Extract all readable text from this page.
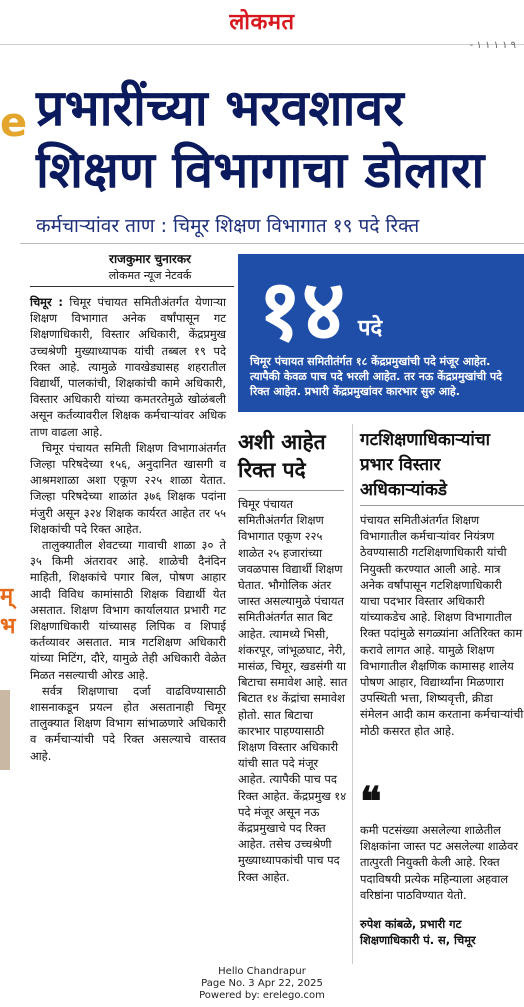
लोकमत
- ٩ ١ ١ ١ ١
e
म्
भ
प्रभारींच्या भरवशावर
शिक्षण विभागाचा डोलारा
कर्मचाऱ्यांवर ताण : चिमूर शिक्षण विभागात १९ पदे रिक्त
राजकुमार चुनारकर
लोकमत न्यूज नेटवर्क

चिमूर : चिमूर पंचायत समितीअंतर्गत येणाऱ्या शिक्षण विभागात अनेक वर्षांपासून गट शिक्षणाधिकारी, विस्तार अधिकारी, केंद्रप्रमुख उच्चश्रेणी मुख्याध्यापक यांची तब्बल १९ पदे रिक्त आहे. त्यामुळे गावखेड्यासह शहरातील विद्यार्थी, पालकांची, शिक्षकांची कामे अधिकारी, विस्तार अधिकारी यांच्या कमतरतेमुळे खोळंबली असून कर्तव्यावरील शिक्षक कर्मचाऱ्यांवर अधिक ताण वाढला आहे.

चिमूर पंचायत समिती शिक्षण विभागाअंतर्गत जिल्हा परिषदेच्या १५६, अनुदानित खासगी व आश्रमशाळा अशा एकूण २२५ शाळा येतात. जिल्हा परिषदेच्या शाळांत ३७६ शिक्षक पदांना मंजुरी असून ३२४ शिक्षक कार्यरत आहेत तर ५५ शिक्षकांची पदे रिक्त आहेत.

तालुक्यातील शेवटच्या गावाची शाळा ३० ते ३५ किमी अंतरावर आहे. शाळेची दैनंदिन माहिती, शिक्षकांचे पगार बिल, पोषण आहार आदी विविध कामांसाठी शिक्षक विद्यार्थी येत असतात. शिक्षण विभाग कार्यालयात प्रभारी गट शिक्षणाधिकारी यांच्यासह लिपिक व शिपाई कर्तव्यावर असतात. मात्र गटशिक्षण अधिकारी यांच्या मिटिंग, दौरे, यामुळे तेही अधिकारी वेळेत मिळत नसल्याची ओरड आहे.

सर्वत्र शिक्षणाचा दर्जा वाढविण्यासाठी शासनाकडून प्रयत्न होत असतानाही चिमूर तालुक्यात शिक्षण विभाग सांभाळणारे अधिकारी व कर्मचाऱ्यांची पदे रिक्त असल्याचे वास्तव आहे.

१४ पदे
चिमूर पंचायत समितीतंर्गत १८ केंद्रप्रमुखांची पदे मंजूर आहेत. त्यापैकी केवळ पाच पदे भरली आहेत. तर नऊ केंद्रप्रमुखांची पदे रिक्त आहेत. प्रभारी केंद्रप्रमुखांवर कारभार सुरु आहे.
अशी आहेत
रिक्त पदे
चिमूर पंचायत समितीअंतर्गत शिक्षण विभागात एकूण २२५ शाळेत २५ हजारांच्या जवळपास विद्यार्थी शिक्षण घेतात. भौगोलिक अंतर जास्त असल्यामुळे पंचायत समितीअंतर्गत सात बिट आहेत. त्यामध्ये भिसी, शंकरपूर, जांभूळघाट, नेरी, मासंळ, चिमूर, खडसंगी या बिटाचा समावेश आहे. सात बिटात १४ केंद्रांचा समावेश होतो. सात बिटाचा कारभार पाहण्यासाठी शिक्षण विस्तार अधिकारी यांची सात पदे मंजूर आहेत. त्यापैकी पाच पद रिक्त आहेत. केंद्रप्रमुख १४ पदे मंजूर असून नऊ केंद्रप्रमुखाचे पद रिक्त आहेत. तसेच उच्चश्रेणी मुख्याध्यापकांची पाच पद रिक्त आहेत.
गटशिक्षणाधिकाऱ्यांचा प्रभार विस्तार अधिकाऱ्यांकडे
पंचायत समितीअंतर्गत शिक्षण विभागातील कर्मचाऱ्यांवर नियंत्रण ठेवण्यासाठी गटशिक्षणाधिकारी यांची नियुक्ती करण्यात आली आहे. मात्र अनेक वर्षांपासून गटशिक्षणाधिकारी याचा पदभार विस्तार अधिकारी यांच्याकडेच आहे. शिक्षण विभागातील रिक्त पदांमुळे सगळ्यांना अतिरिक्त काम करावे लागत आहे. यामुळे शिक्षण विभागातील शैक्षणिक कामासह शालेय पोषण आहार, विद्यार्थ्यांना मिळणारा उपस्थिती भत्ता, शिष्यवृत्ती, क्रीडा संमेलन आदी काम करताना कर्मचाऱ्यांची मोठी कसरत होत आहे.
❝
कमी पटसंख्या असलेल्या शाळेतील शिक्षकांना जास्त पट असलेल्या शाळेवर तात्पुरती नियुक्ती केली आहे. रिक्त पदाविषयी प्रत्येक महिन्याला अहवाल वरिष्ठांना पाठविण्यात येतो.
रुपेश कांबळे, प्रभारी गट शिक्षणाधिकारी पं. स, चिमूर
Hello Chandrapur
Page No. 3 Apr 22, 2025
Powered by: erelego.com
